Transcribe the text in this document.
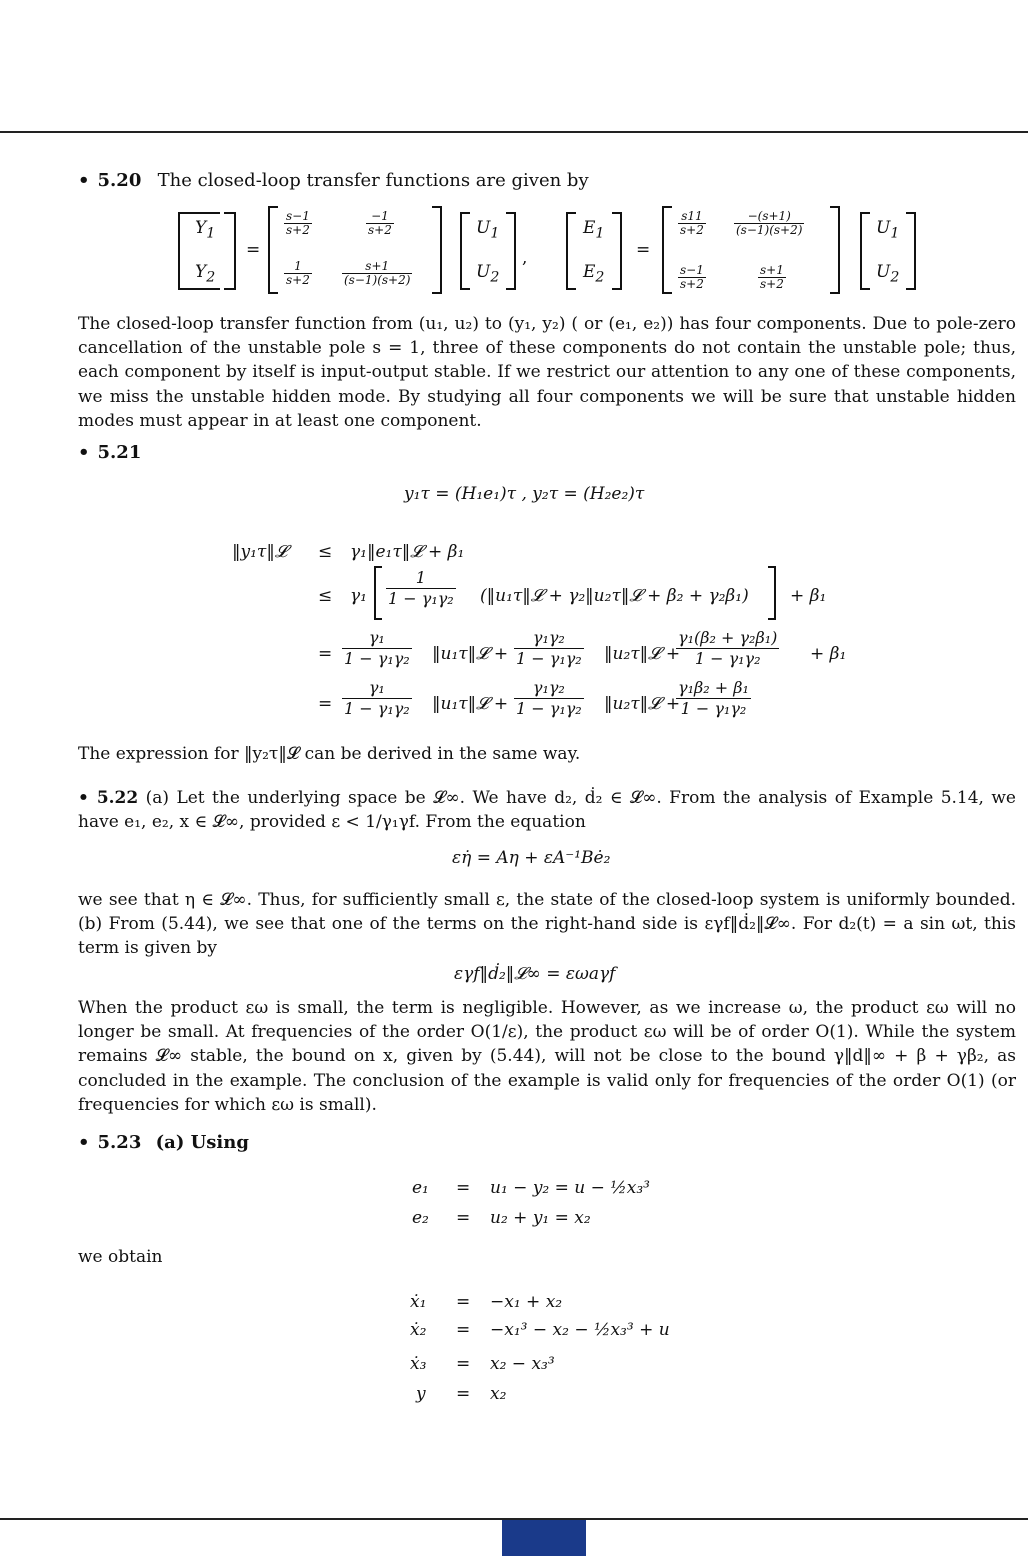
• 5.20 The closed-loop transfer functions are given by
$Y_1$
$Y_2$
=
$\frac{s-1}{s+2}$	$\frac{-1}{s+2}$
$\frac{1}{s+2}$	$\frac{s+1}{(s-1)(s+2)}$
$U_1$
$U_2$
,
$E_1$
$E_2$
=
$\frac{s11}{s+2} \frac{-(s+1)}{(s-1)(s+2)}$
$\frac{s-1}{s+2}$	$\frac{s+1}{s+2}$
$U_1$
$U_2$
The closed-loop transfer function from (u₁, u₂) to (y₁, y₂) ( or (e₁, e₂)) has four components. Due to pole-zero cancellation of the unstable pole s = 1, three of these components do not contain the unstable pole; thus, each component by itself is input-output stable. If we restrict our attention to any one of these components, we miss the unstable hidden mode. By studying all four components we will be sure that unstable hidden modes must appear in at least one component.
• 5.21
y₁τ = (H₁e₁)τ , y₂τ = (H₂e₂)τ
‖y₁τ‖𝓛 ≤ γ₁‖e₁τ‖𝓛 + β₁
≤ $\gamma_1 \frac{1}{\text{1 − γ₁γ₂}}$ (‖u₁τ‖𝓛 + γ₂‖u₂τ‖𝓛 + β₂ + γ₂β₁) + β₁
= $\frac{\text{γ₁}}{\text{1 − γ₁γ₂}}$ ‖u₁τ‖𝓛 + $\frac{\text{γ₁γ₂}}{\text{1 − γ₁γ₂}}$ ‖u₂τ‖𝓛 +
$\frac{\text{γ₁(β₂ + γ₂β₁)}}{\text{1 − γ₁γ₂}} + \beta_1$
= $\frac{\text{γ₁}}{\text{1 − γ₁γ₂}}$ ‖u₁τ‖𝓛 + $\frac{\text{γ₁γ₂}}{\text{1 − γ₁γ₂}}$ ‖u₂τ‖𝓛 +
$\frac{\text{γ₁β₂ + β₁}}{\text{1 − γ₁γ₂}}$
The expression for ‖y₂τ‖𝓛 can be derived in the same way.
• 5.22 (a) Let the underlying space be 𝓛∞. We have d₂, ḋ₂ ∈ 𝓛∞. From the analysis of Example 5.14, we have e₁, e₂, x ∈ 𝓛∞, provided ε < 1/γ₁γf. From the equation
εη̇ = Aη + εA⁻¹Bė₂
we see that η ∈ 𝓛∞. Thus, for sufficiently small ε, the state of the closed-loop system is uniformly bounded. (b) From (5.44), we see that one of the terms on the right-hand side is εγf‖ḋ₂‖𝓛∞. For d₂(t) = a sin ωt, this term is given by
εγf‖ḋ₂‖𝓛∞ = εωaγf
When the product εω is small, the term is negligible. However, as we increase ω, the product εω will no longer be small. At frequencies of the order O(1/ε), the product εω will be of order O(1). While the system remains 𝓛∞ stable, the bound on x, given by (5.44), will not be close to the bound γ‖d‖∞ + β + γβ₂, as concluded in the example. The conclusion of the example is valid only for frequencies of the order O(1) (or frequencies for which εω is small).
• 5.23 (a) Using
e₁ = u₁ − y₂ = u − ½x₃³
e₂ = u₂ + y₁ = x₂
we obtain
ẋ₁ = −x₁ + x₂
ẋ₂ = −x₁³ − x₂ − ½x₃³ + u
ẋ₃ = x₂ − x₃³
y = x₂
